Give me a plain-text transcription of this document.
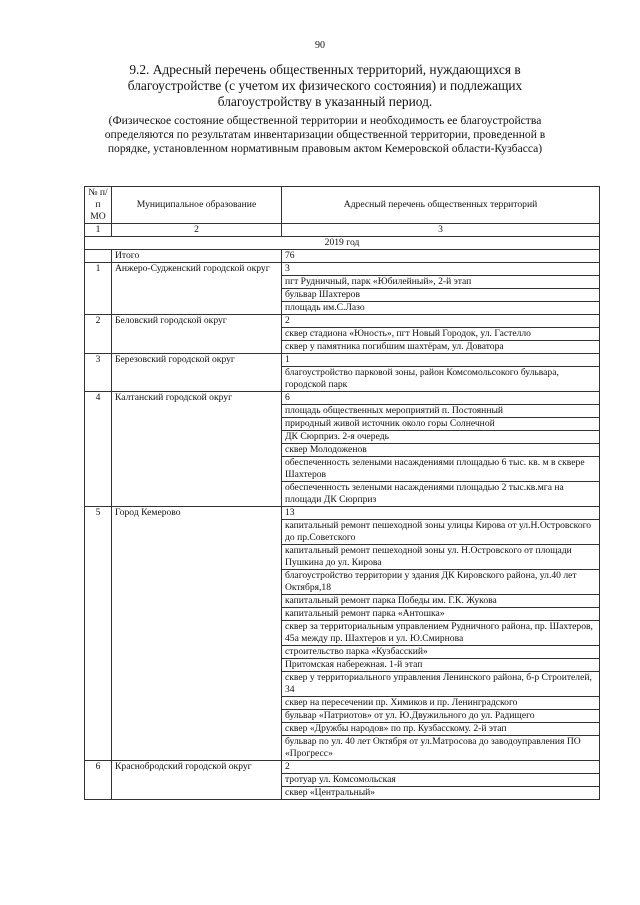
90
9.2. Адресный перечень общественных территорий, нуждающихся в благоустройстве (с учетом их физического состояния) и подлежащих благоустройству в указанный период.
(Физическое состояние общественной территории и необходимость ее благоустройства определяются по результатам инвентаризации общественной территории, проведенной в порядке, установленном нормативным правовым актом Кемеровской области-Кузбасса)
№ п/п МО	Муниципальное образование	Адресный перечень общественных территорий
1	2	3
2019 год		
	Итого	76
1	Анжеро-Судженский городской округ	3
		пгт Рудничный, парк «Юбилейный», 2-й этап
		бульвар Шахтеров
		площадь им.С.Лазо
2	Беловский городской округ	2
		сквер стадиона «Юность», пгт Новый Городок, ул. Гастелло
		сквер у памятника погибшим шахтёрам, ул. Доватора
3	Березовский городской округ	1
		благоустройство парковой зоны, район Комсомольсокого бульвара, городской парк
4	Калтанский городской округ	6
		площадь общественных мероприятий п. Постоянный
		природный живой источник около горы Солнечной
		ДК Сюрприз. 2-я очередь
		сквер Молодоженов
		обеспеченность зелеными насаждениями площадью 6 тыс. кв. м в сквере Шахтеров
		обеспеченность зелеными насаждениями площадью 2 тыс.кв.мга на площади ДК Сюрприз
5	Город Кемерово	13
		капитальный ремонт пешеходной зоны улицы Кирова от ул.Н.Островского до пр.Советского
		капитальный ремонт пешеходной зоны ул. Н.Островского от площади Пушкина до ул. Кирова
		благоустройство территории у здания ДК Кировского района, ул.40 лет Октября,18
		капитальный ремонт парка Победы им. Г.К. Жукова
		капитальный ремонт парка «Антошка»
		сквер за территориальным управлением Рудничного района, пр. Шахтеров, 45а между пр. Шахтеров и ул. Ю.Смирнова
		строительство парка «Кузбасский»
		Притомская набережная. 1-й этап
		сквер у территориального управления Ленинского района, б-р Строителей, 34
		сквер на пересечении пр. Химиков и пр. Ленинградского
		бульвар «Патриотов» от ул. Ю.Двужильного до ул. Радищего
		сквер «Дружбы народов» по пр. Кузбасскому. 2-й этап
		бульвар по ул. 40 лет Октября от ул.Матросова до заводоуправления ПО «Прогресс»
6	Краснобродский городской округ	2
		тротуар ул. Комсомольская
		сквер «Центральный»
